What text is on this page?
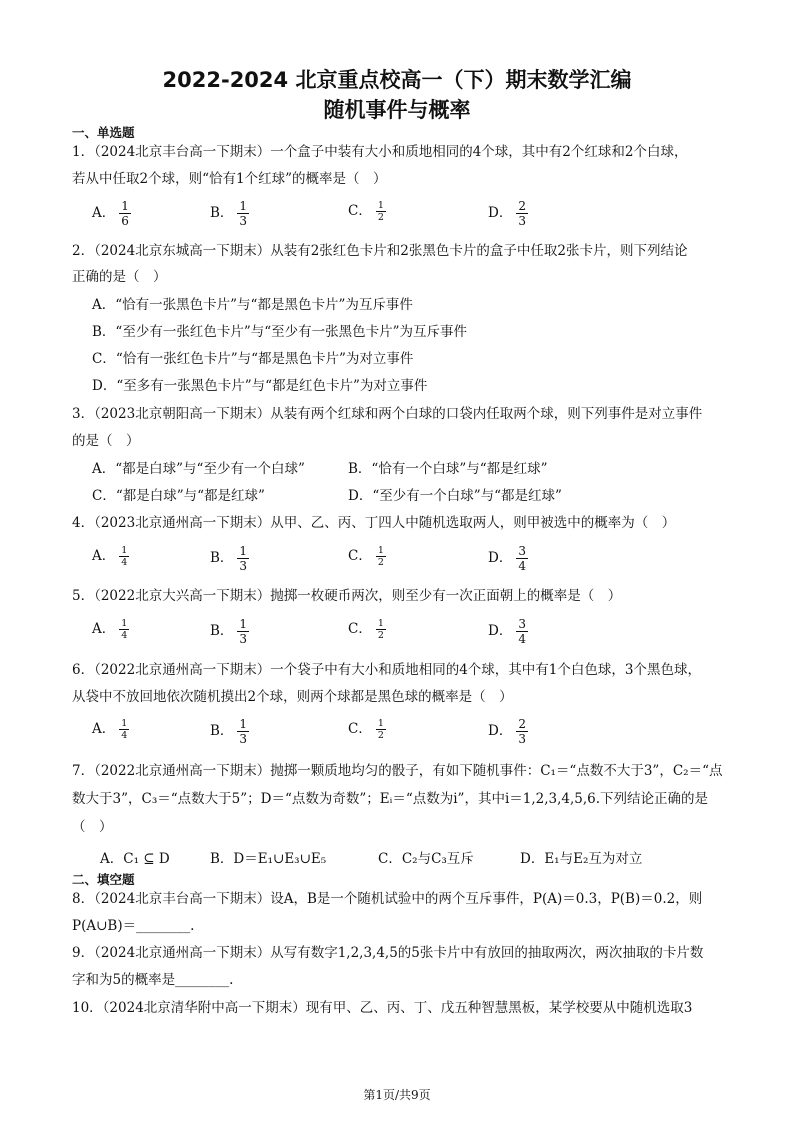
2022-2024 北京重点校高一（下）期末数学汇编
随机事件与概率
一、单选题
1．（2024北京丰台高一下期末）一个盒子中装有大小和质地相同的4个球，其中有2个红球和2个白球，
若从中任取2个球，则“恰有1个红球”的概率是（　）
A． $\frac{1}{6}$	B． $\frac{1}{3}$	C． $\frac{1}{2}$	D． $\frac{2}{3}$
2．（2024北京东城高一下期末）从装有2张红色卡片和2张黑色卡片的盒子中任取2张卡片，则下列结论
正确的是（　）
A．“恰有一张黑色卡片”与“都是黑色卡片”为互斥事件
B．“至少有一张红色卡片”与“至少有一张黑色卡片”为互斥事件
C．“恰有一张红色卡片”与“都是黑色卡片”为对立事件
D．“至多有一张黑色卡片”与“都是红色卡片”为对立事件
3．（2023北京朝阳高一下期末）从装有两个红球和两个白球的口袋内任取两个球，则下列事件是对立事件
的是（　）
A．“都是白球”与“至少有一个白球”	B．“恰有一个白球”与“都是红球”
C．“都是白球”与“都是红球”	D．“至少有一个白球”与“都是红球”
4．（2023北京通州高一下期末）从甲、乙、丙、丁四人中随机选取两人，则甲被选中的概率为（　）
A． $\frac{1}{4}$	B． $\frac{1}{3}$	C． $\frac{1}{2}$	D． $\frac{3}{4}$
5．（2022北京大兴高一下期末）抛掷一枚硬币两次，则至少有一次正面朝上的概率是（　）
A． $\frac{1}{4}$	B． $\frac{1}{3}$	C． $\frac{1}{2}$	D． $\frac{3}{4}$
6．（2022北京通州高一下期末）一个袋子中有大小和质地相同的4个球，其中有1个白色球，3个黑色球，
从袋中不放回地依次随机摸出2个球，则两个球都是黑色球的概率是（　）
A． $\frac{1}{4}$	B． $\frac{1}{3}$	C． $\frac{1}{2}$	D． $\frac{2}{3}$
7．（2022北京通州高一下期末）抛掷一颗质地均匀的骰子，有如下随机事件：C₁＝“点数不大于3”，C₂＝“点
数大于3”，C₃＝“点数大于5”；D＝“点数为奇数”；Eᵢ＝“点数为i”，其中i＝1,2,3,4,5,6.下列结论正确的是
（　）
A．C₁ ⊆ D	B．D＝E₁∪E₃∪E₅	C．C₂与C₃互斥	D．E₁与E₂互为对立
二、填空题
8．（2024北京丰台高一下期末）设A，B是一个随机试验中的两个互斥事件，P(A)＝0.3，P(B)＝0.2，则
P(A∪B)＝________.
9．（2024北京通州高一下期末）从写有数字1,2,3,4,5的5张卡片中有放回的抽取两次，两次抽取的卡片数
字和为5的概率是________.
10．（2024北京清华附中高一下期末）现有甲、乙、丙、丁、戊五种智慧黑板，某学校要从中随机选取3
第1页/共9页
